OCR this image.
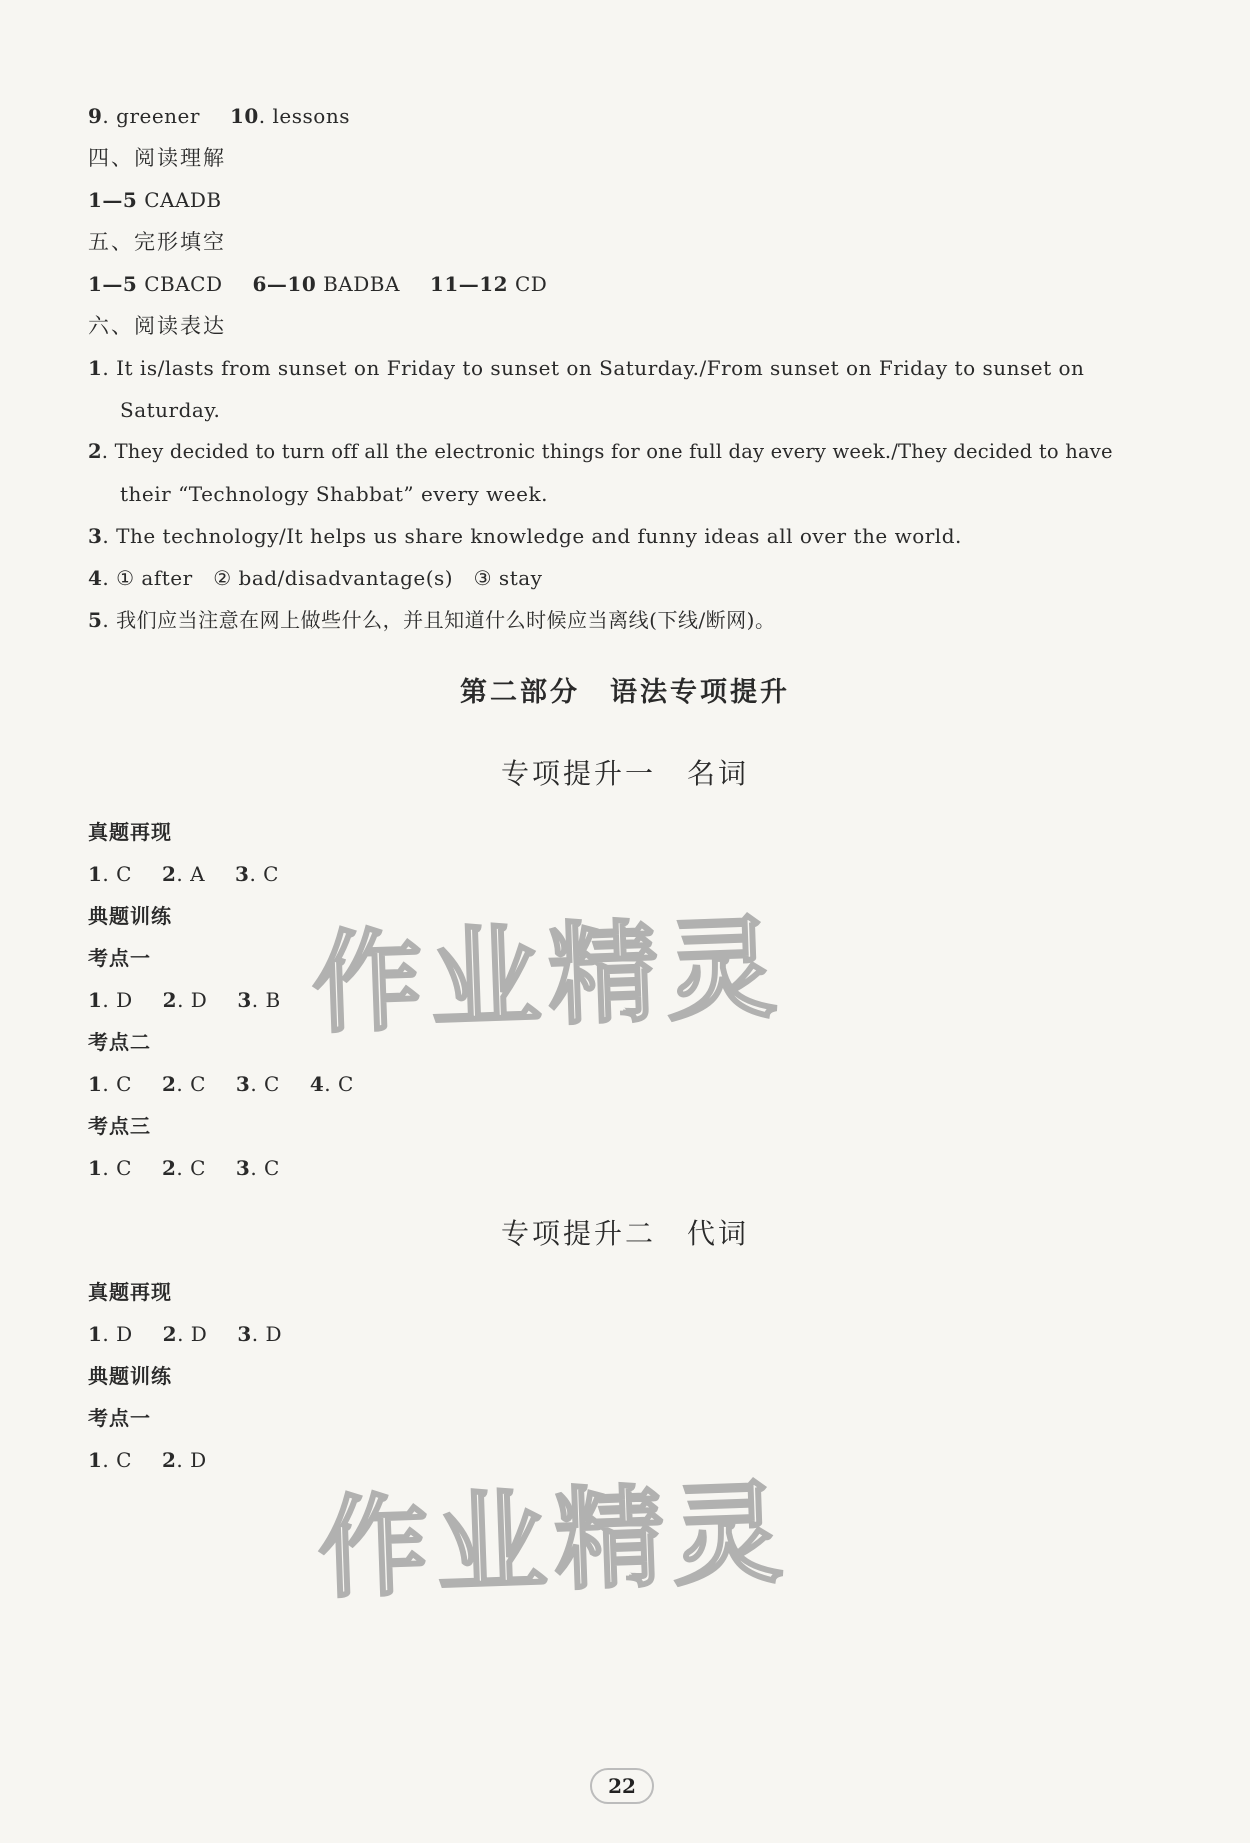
9. greener 10. lessons
四、阅读理解
1—5 CAADB
五、完形填空
1—5 CBACD 6—10 BADBA 11—12 CD
六、阅读表达
1. It is/lasts from sunset on Friday to sunset on Saturday./From sunset on Friday to sunset on
Saturday.
2. They decided to turn off all the electronic things for one full day every week./They decided to have
their “Technology Shabbat” every week.
3. The technology/It helps us share knowledge and funny ideas all over the world.
4. ① after   ② bad/disadvantage(s)   ③ stay
5. 我们应当注意在网上做些什么，并且知道什么时候应当离线(下线/断网)。
第二部分　语法专项提升
专项提升一　名词
真题再现
1. C 2. A 3. C
典题训练
考点一
1. D 2. D 3. B
考点二
1. C 2. C 3. C 4. C
考点三
1. C 2. C 3. C
专项提升二　代词
真题再现
1. D 2. D 3. D
典题训练
考点一
1. C 2. D
作业精灵
作业精灵
22
